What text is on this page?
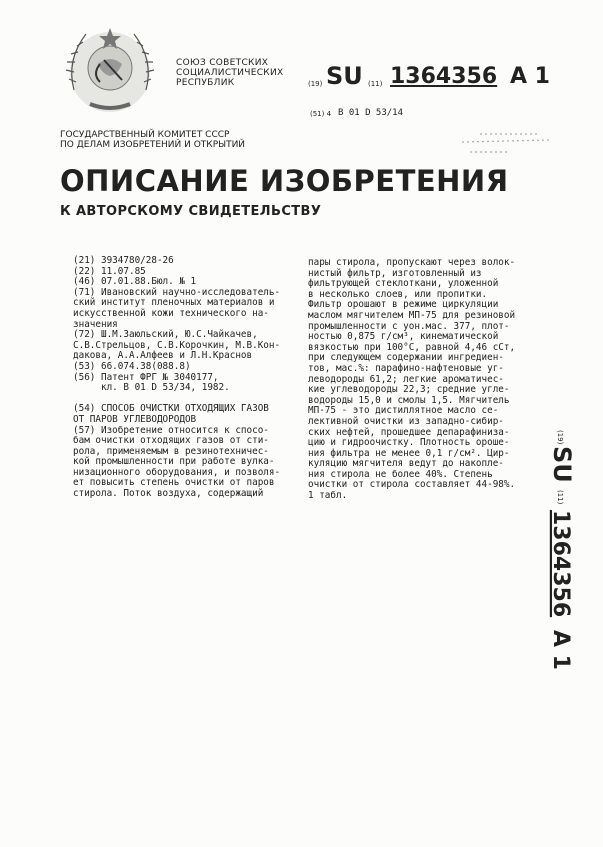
СОЮЗ СОВЕТСКИХ
СОЦИАЛИСТИЧЕСКИХ
РЕСПУБЛИК	(19) SU (11) 1364356 A 1
(51) 4 B 01 D 53/14
ГОСУДАРСТВЕННЫЙ КОМИТЕТ СССР
ПО ДЕЛАМ ИЗОБРЕТЕНИЙ И ОТКРЫТИЙ
ОПИСАНИЕ ИЗОБРЕТЕНИЯ
К АВТОРСКОМУ СВИДЕТЕЛЬСТВУ
(21) 3934780/28-26
(22) 11.07.85
(46) 07.01.88.Бюл. № 1
(71) Ивановский научно-исследователь-
ский институт пленочных материалов и
искусственной кожи технического на-
значения
(72) Ш.М.Заюльский, Ю.С.Чайкачев,
С.В.Стрельцов, С.В.Корочкин, М.В.Кон-
дакова, А.А.Алфеев и Л.Н.Краснов
(53) 66.074.38(088.8)
(56) Патент ФРГ № 3040177,
кл. B 01 D 53/34, 1982.

(54) СПОСОБ ОЧИСТКИ ОТХОДЯЩИХ ГАЗОВ
ОТ ПАРОВ УГЛЕВОДОРОДОВ
(57) Изобретение относится к спосо-
бам очистки отходящих газов от сти-
рола, применяемым в резинотехничес-
кой промышленности при работе вулка-
низационного оборудования, и позволя-
ет повысить степень очистки от паров
стирола. Поток воздуха, содержащий
пары стирола, пропускают через волок-
нистый фильтр, изготовленный из
фильтрующей стеклоткани, уложенной
в несколько слоев, или пропитки.
Фильтр орошают в режиме циркуляции
маслом мягчителем МП-75 для резиновой
промышленности с уон.мас. 377, плот-
ностью 0,875 г/см³, кинематической
вязкостью при 100°С, равной 4,46 сСт,
при следующем содержании ингредиен-
тов, мас.%: парафино-нафтеновые уг-
леводороды 61,2; легкие ароматичес-
кие углеводороды 22,3; средние угле-
водороды 15,0 и смолы 1,5. Мягчитель
МП-75 - это дистиллятное масло се-
лективной очистки из западно-сибир-
ских нефтей, прошедшее депарафиниза-
цию и гидроочистку. Плотность ороше-
ния фильтра не менее 0,1 г/см². Цир-
куляцию мягчителя ведут до накопле-
ния стирола не более 40%. Степень
очистки от стирола составляет 44-98%.
1 табл.
(19)
SU
(11)
1364356
A 1
